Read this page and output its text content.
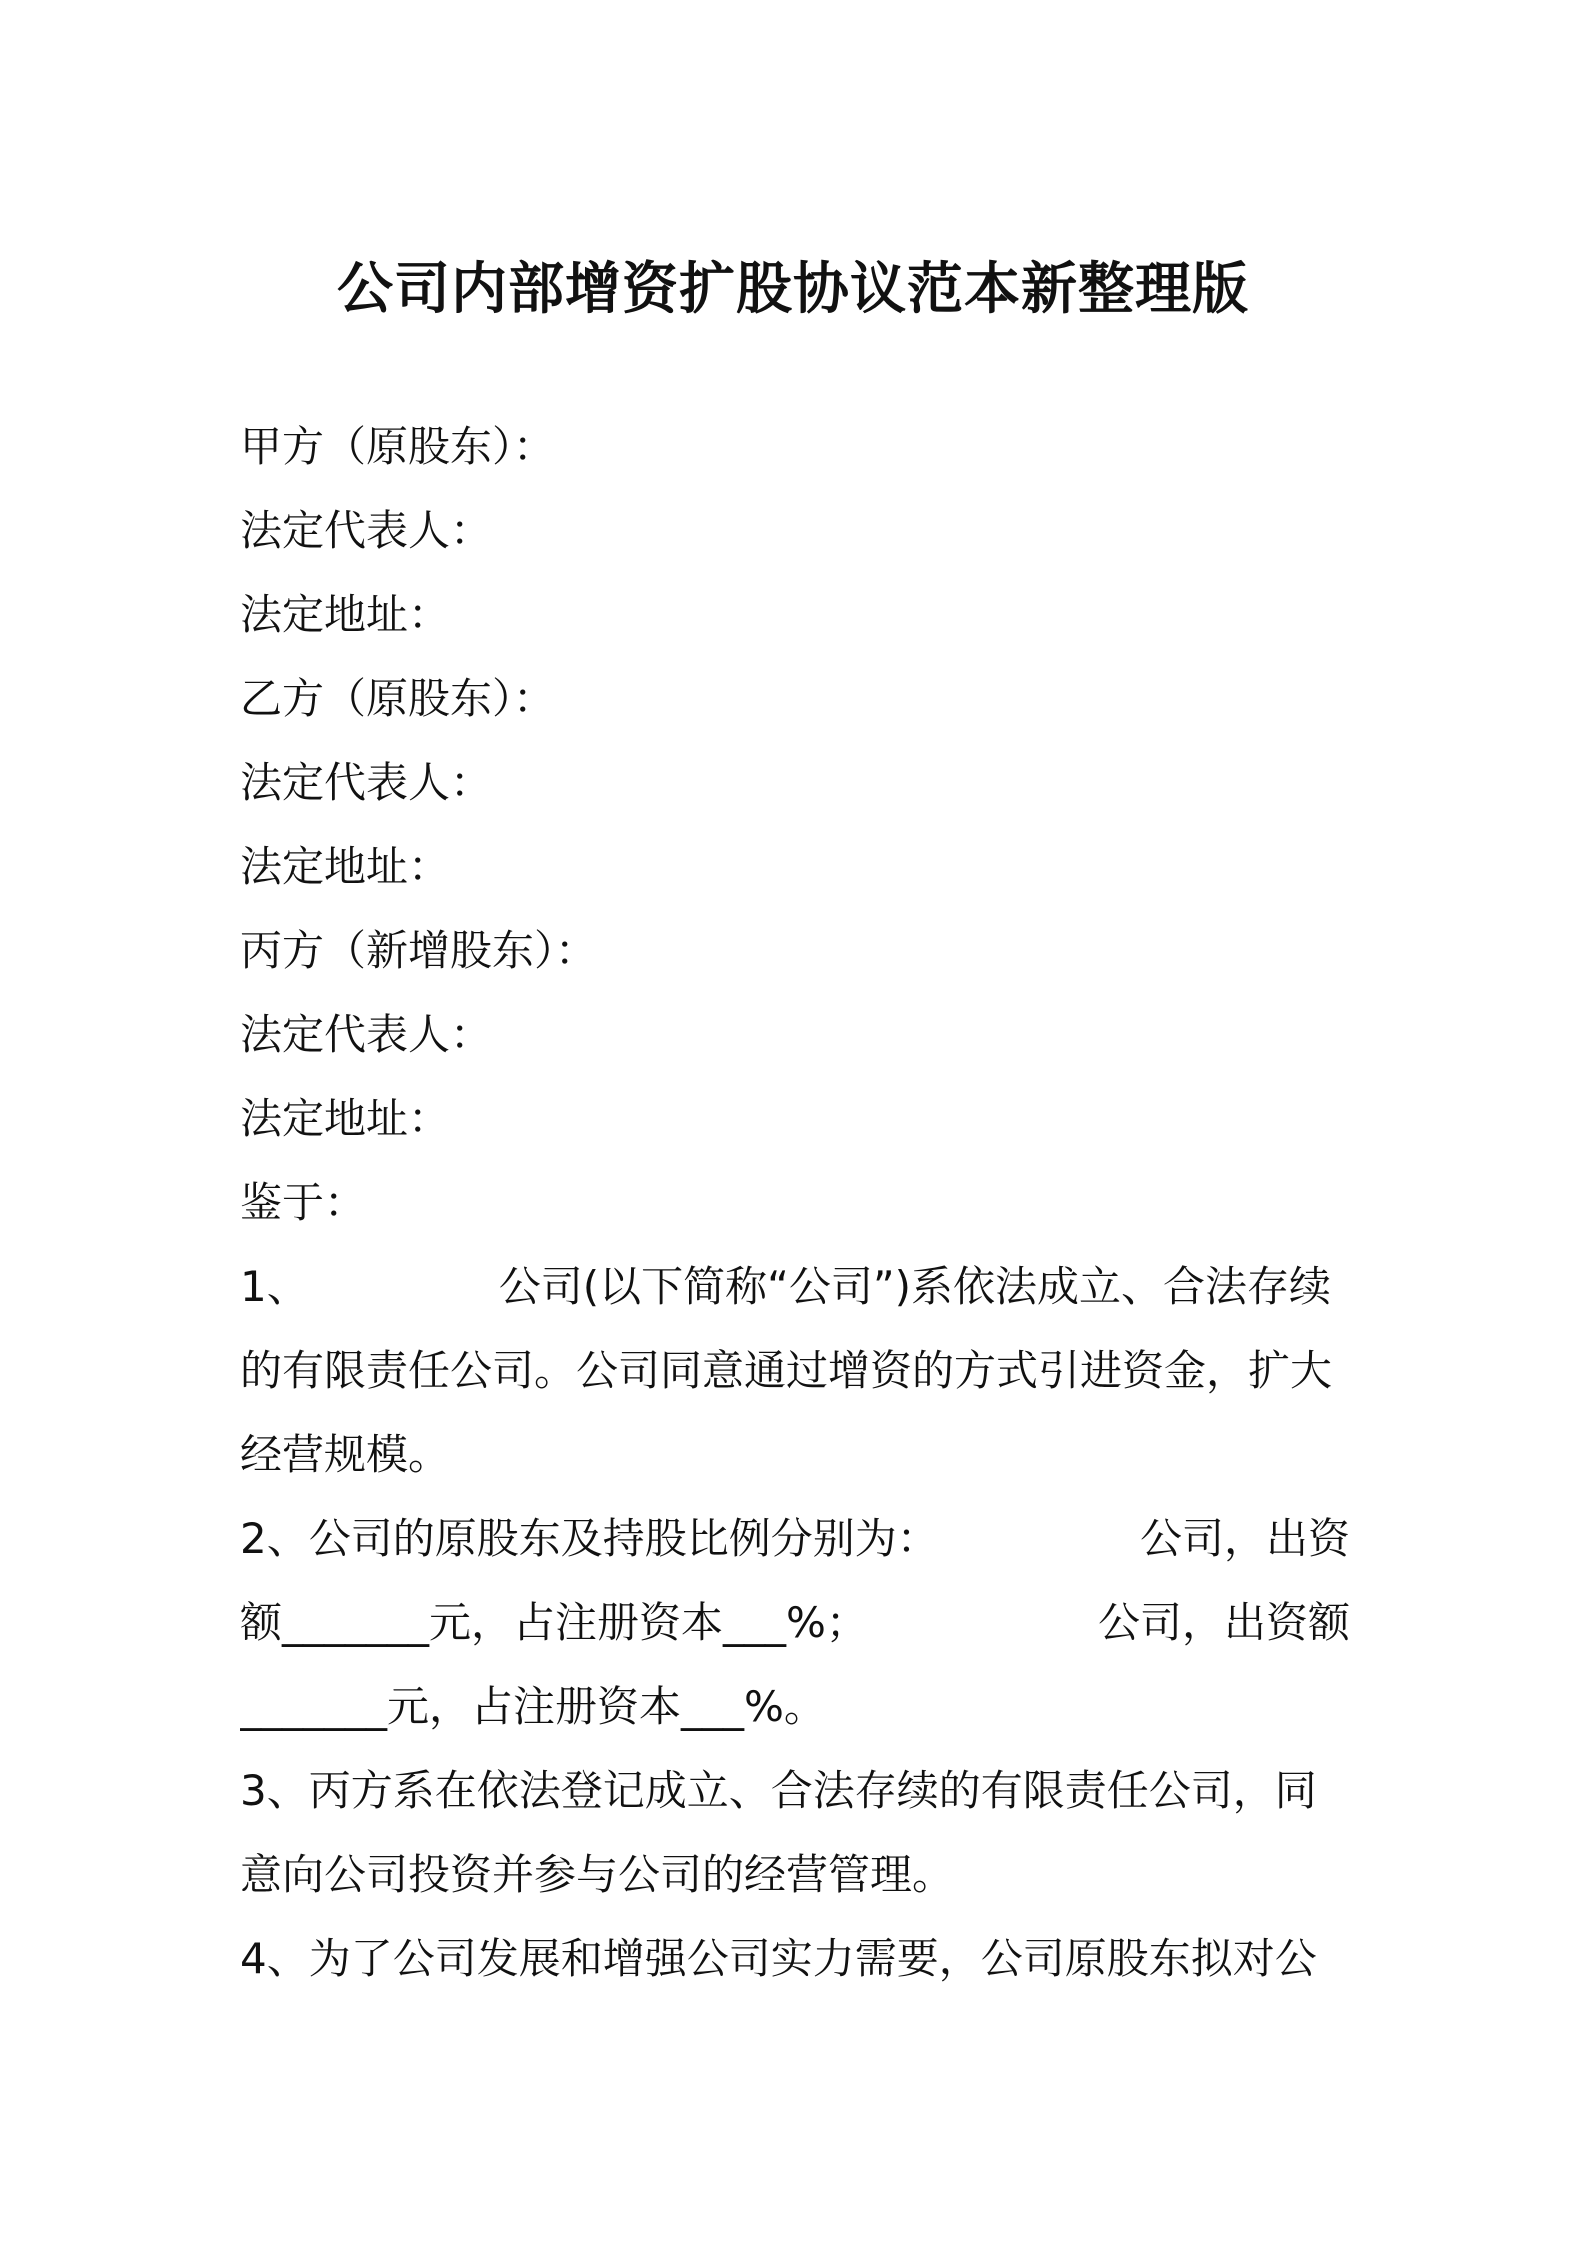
公司内部增资扩股协议范本新整理版
甲方（原股东）：
法定代表人：
法定地址：
乙方（原股东）：
法定代表人：
法定地址：
丙方（新增股东）：
法定代表人：
法定地址：
鉴于：
1、	公司(以下简称“公司”)系依法成立、合法存续
的有限责任公司。公司同意通过增资的方式引进资金，扩大
经营规模。
2、公司的原股东及持股比例分别为：	公司，出资
额_______元，占注册资本___%；	公司，出资额
_______元，占注册资本___%。
3、丙方系在依法登记成立、合法存续的有限责任公司，同
意向公司投资并参与公司的经营管理。
4、为了公司发展和增强公司实力需要，公司原股东拟对公
